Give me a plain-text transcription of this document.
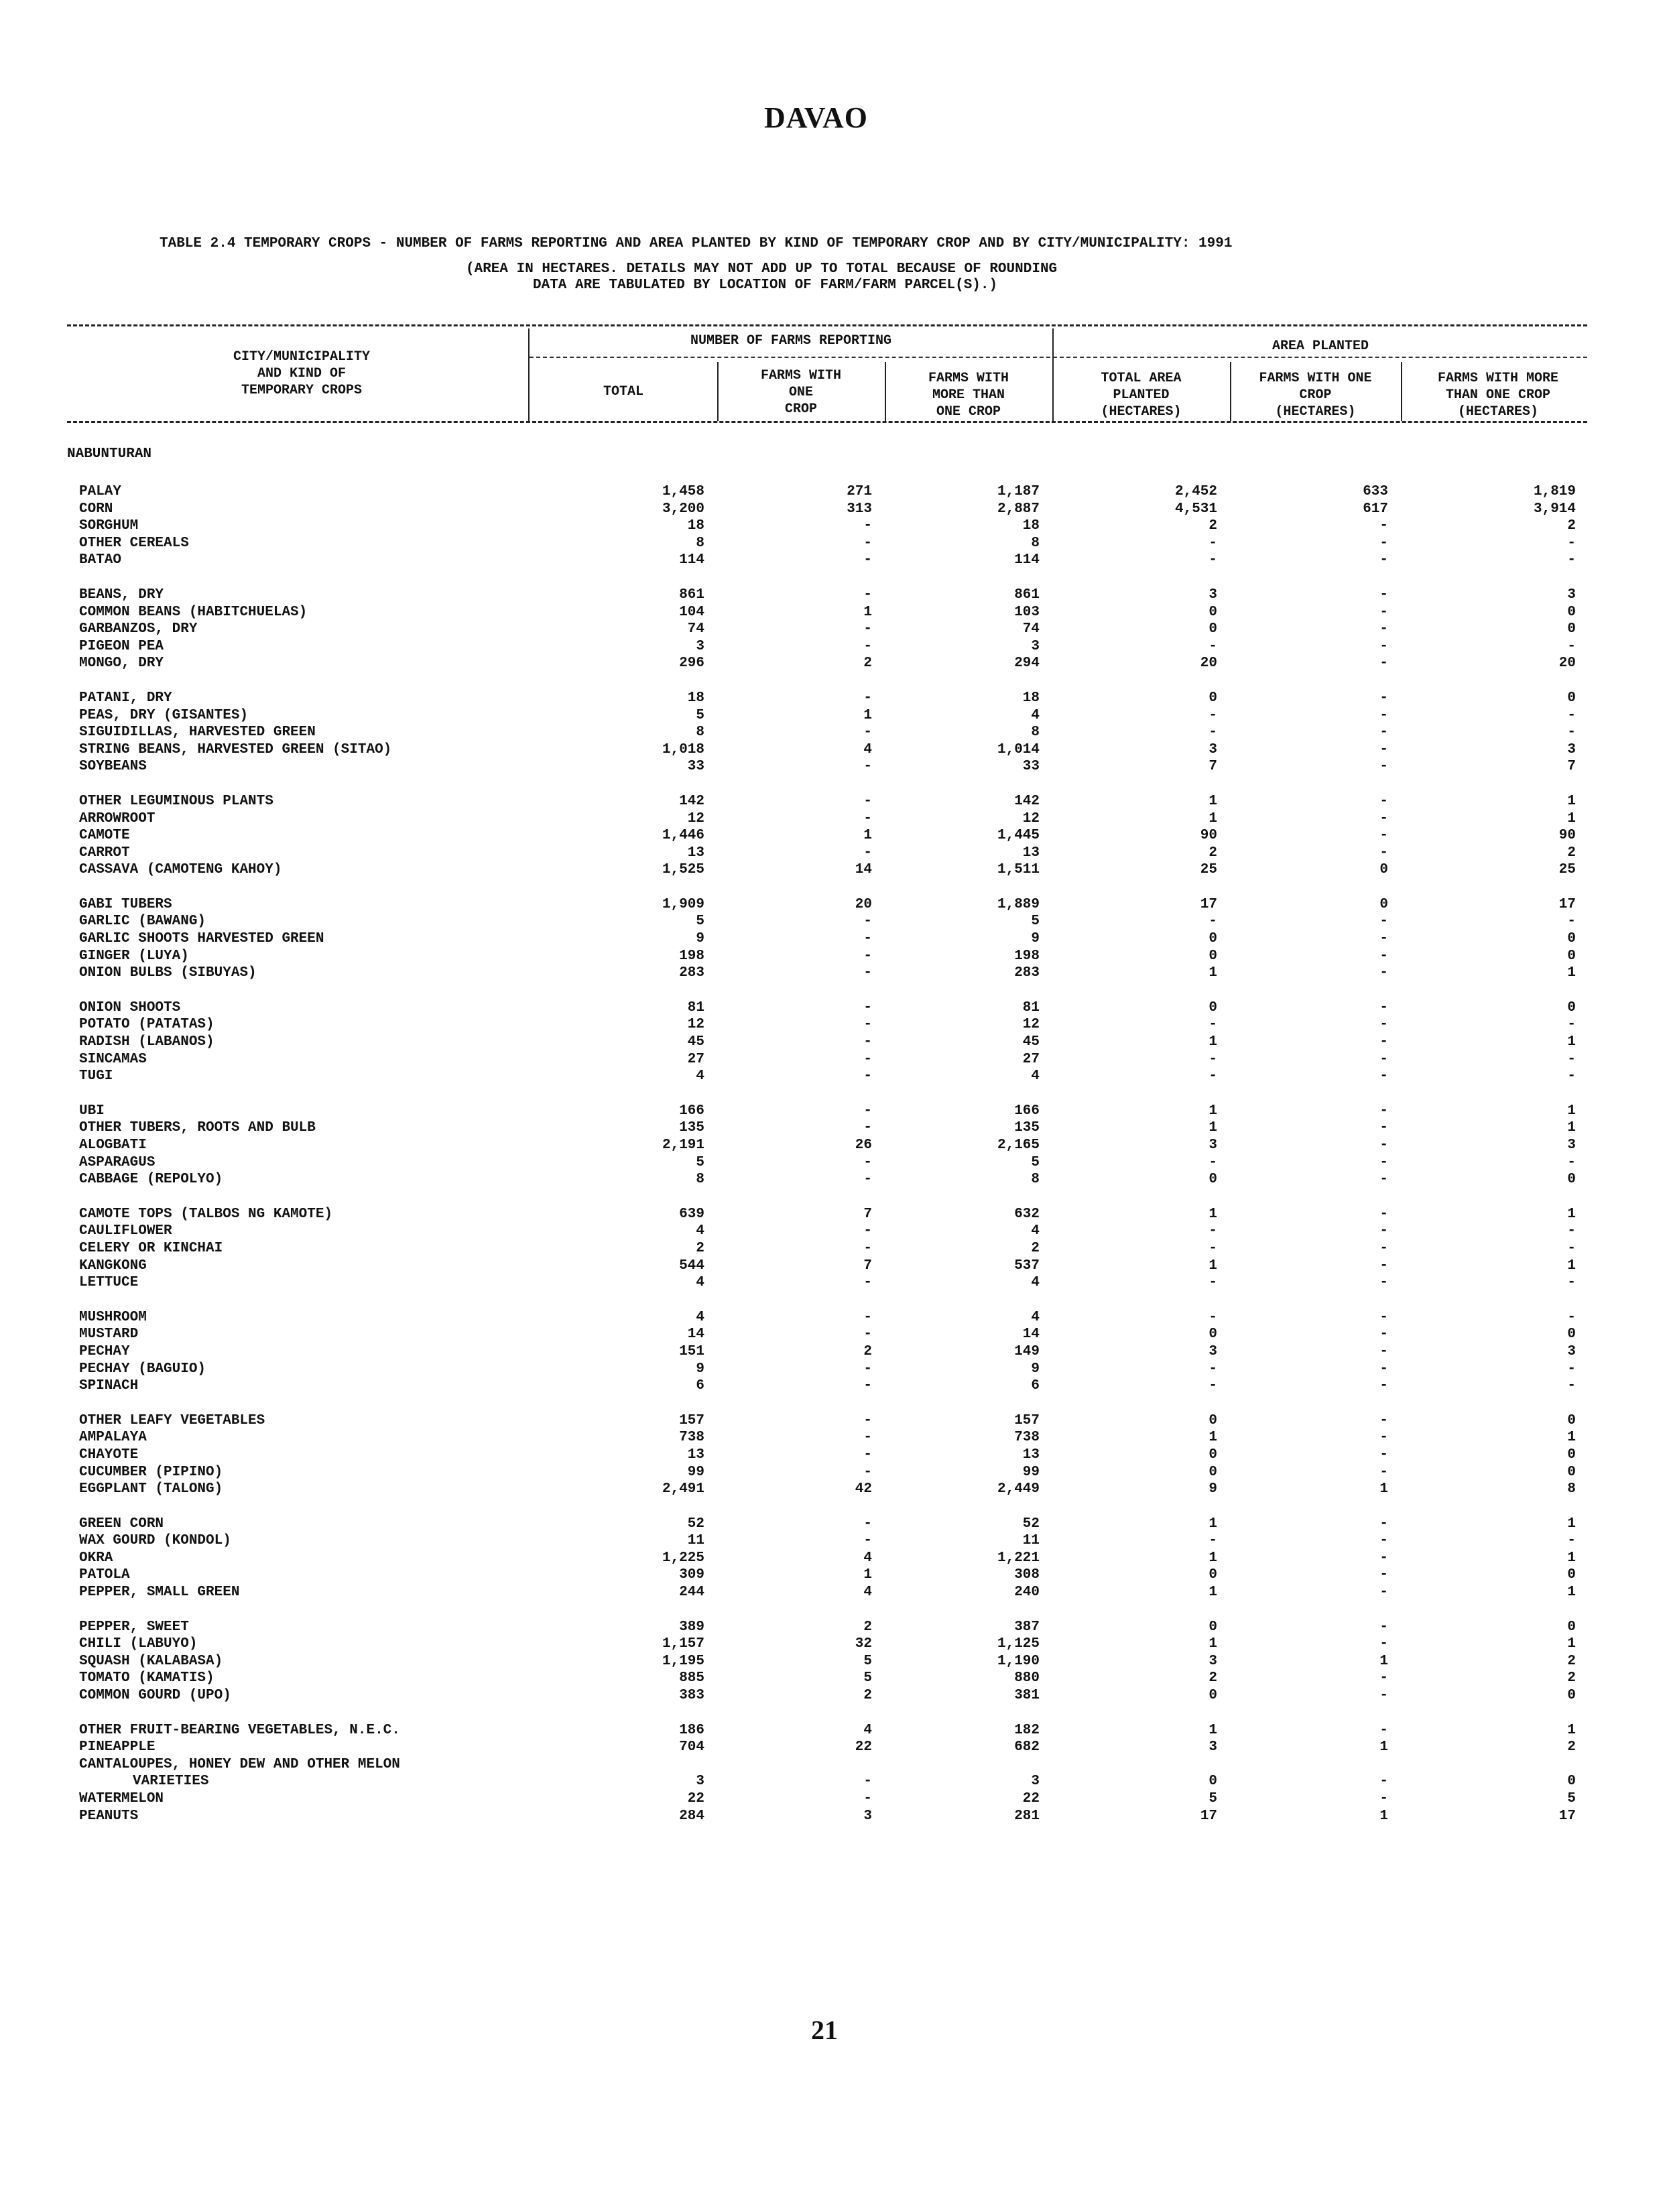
DAVAO
TABLE 2.4 TEMPORARY CROPS - NUMBER OF FARMS REPORTING AND AREA PLANTED BY KIND OF TEMPORARY CROP AND BY CITY/MUNICIPALITY: 1991
(AREA IN HECTARES. DETAILS MAY NOT ADD UP TO TOTAL BECAUSE OF ROUNDING
DATA ARE TABULATED BY LOCATION OF FARM/FARM PARCEL(S).)
CITY/MUNICIPALITY
AND KIND OF
TEMPORARY CROPS
NUMBER OF FARMS REPORTING	AREA PLANTED
TOTAL
FARMS WITH
ONE
CROP
FARMS WITH
MORE THAN
ONE CROP
TOTAL AREA
PLANTED
(HECTARES)
FARMS WITH ONE
CROP
(HECTARES)
FARMS WITH MORE
THAN ONE CROP
(HECTARES)
NABUNTURAN
PALAY	1,458	271	1,187	2,452	633	1,819
CORN	3,200	313	2,887	4,531	617	3,914
SORGHUM	18	-	18	2	-	2
OTHER CEREALS	8	-	8	-	-	-
BATAO	114	-	114	-	-	-
BEANS, DRY	861	-	861	3	-	3
COMMON BEANS (HABITCHUELAS)	104	1	103	0	-	0
GARBANZOS, DRY	74	-	74	0	-	0
PIGEON PEA	3	-	3	-	-	-
MONGO, DRY	296	2	294	20	-	20
PATANI, DRY	18	-	18	0	-	0
PEAS, DRY (GISANTES)	5	1	4	-	-	-
SIGUIDILLAS, HARVESTED GREEN	8	-	8	-	-	-
STRING BEANS, HARVESTED GREEN (SITAO)	1,018	4	1,014	3	-	3
SOYBEANS	33	-	33	7	-	7
OTHER LEGUMINOUS PLANTS	142	-	142	1	-	1
ARROWROOT	12	-	12	1	-	1
CAMOTE	1,446	1	1,445	90	-	90
CARROT	13	-	13	2	-	2
CASSAVA (CAMOTENG KAHOY)	1,525	14	1,511	25	0	25
GABI TUBERS	1,909	20	1,889	17	0	17
GARLIC (BAWANG)	5	-	5	-	-	-
GARLIC SHOOTS HARVESTED GREEN	9	-	9	0	-	0
GINGER (LUYA)	198	-	198	0	-	0
ONION BULBS (SIBUYAS)	283	-	283	1	-	1
ONION SHOOTS	81	-	81	0	-	0
POTATO (PATATAS)	12	-	12	-	-	-
RADISH (LABANOS)	45	-	45	1	-	1
SINCAMAS	27	-	27	-	-	-
TUGI	4	-	4	-	-	-
UBI	166	-	166	1	-	1
OTHER TUBERS, ROOTS AND BULB	135	-	135	1	-	1
ALOGBATI	2,191	26	2,165	3	-	3
ASPARAGUS	5	-	5	-	-	-
CABBAGE (REPOLYO)	8	-	8	0	-	0
CAMOTE TOPS (TALBOS NG KAMOTE)	639	7	632	1	-	1
CAULIFLOWER	4	-	4	-	-	-
CELERY OR KINCHAI	2	-	2	-	-	-
KANGKONG	544	7	537	1	-	1
LETTUCE	4	-	4	-	-	-
MUSHROOM	4	-	4	-	-	-
MUSTARD	14	-	14	0	-	0
PECHAY	151	2	149	3	-	3
PECHAY (BAGUIO)	9	-	9	-	-	-
SPINACH	6	-	6	-	-	-
OTHER LEAFY VEGETABLES	157	-	157	0	-	0
AMPALAYA	738	-	738	1	-	1
CHAYOTE	13	-	13	0	-	0
CUCUMBER (PIPINO)	99	-	99	0	-	0
EGGPLANT (TALONG)	2,491	42	2,449	9	1	8
GREEN CORN	52	-	52	1	-	1
WAX GOURD (KONDOL)	11	-	11	-	-	-
OKRA	1,225	4	1,221	1	-	1
PATOLA	309	1	308	0	-	0
PEPPER, SMALL GREEN	244	4	240	1	-	1
PEPPER, SWEET	389	2	387	0	-	0
CHILI (LABUYO)	1,157	32	1,125	1	-	1
SQUASH (KALABASA)	1,195	5	1,190	3	1	2
TOMATO (KAMATIS)	885	5	880	2	-	2
COMMON GOURD (UPO)	383	2	381	0	-	0
OTHER FRUIT-BEARING VEGETABLES, N.E.C.	186	4	182	1	-	1
PINEAPPLE	704	22	682	3	1	2
CANTALOUPES, HONEY DEW AND OTHER MELON
VARIETIES	3	-	3	0	-	0
WATERMELON	22	-	22	5	-	5
PEANUTS	284	3	281	17	1	17
21
